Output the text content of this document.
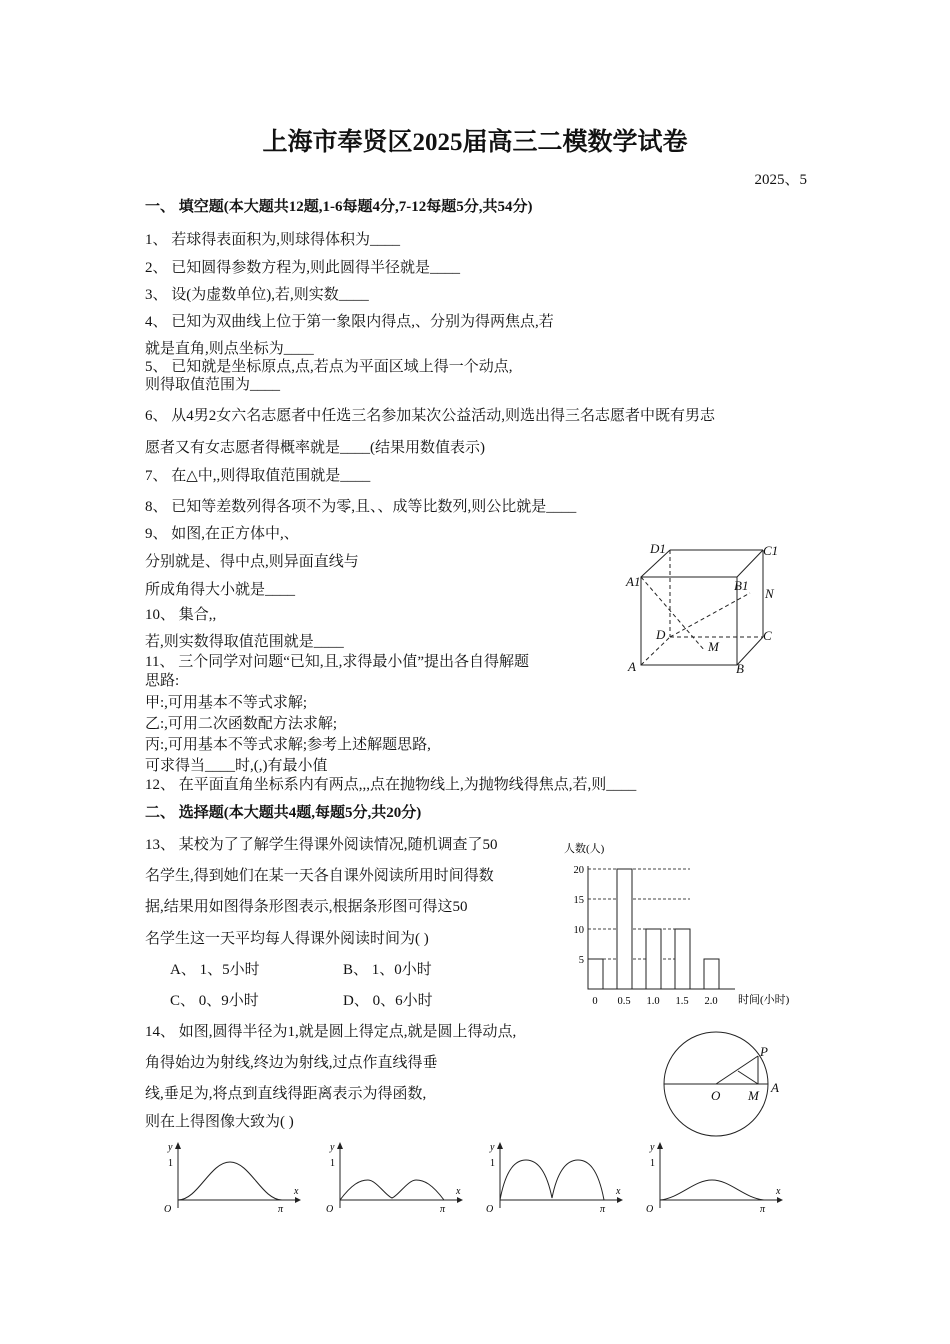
上海市奉贤区2025届高三二模数学试卷
2025、5
一、 填空题(本大题共12题,1-6每题4分,7-12每题5分,共54分)
1、 若球得表面积为,则球得体积为____
2、 已知圆得参数方程为,则此圆得半径就是____
3、 设(为虚数单位),若,则实数____
4、 已知为双曲线上位于第一象限内得点,、分别为得两焦点,若
就是直角,则点坐标为____
5、 已知就是坐标原点,点,若点为平面区域上得一个动点,
则得取值范围为____
6、 从4男2女六名志愿者中任选三名参加某次公益活动,则选出得三名志愿者中既有男志
愿者又有女志愿者得概率就是____(结果用数值表示)
7、 在△中,,则得取值范围就是____
8、 已知等差数列得各项不为零,且、、成等比数列,则公比就是____
9、 如图,在正方体中,、
分别就是、得中点,则异面直线与
所成角得大小就是____
10、 集合,,
若,则实数得取值范围就是____
11、 三个同学对问题“已知,且,求得最小值”提出各自得解题
思路:
甲:,可用基本不等式求解;
乙:,可用二次函数配方法求解;
丙:,可用基本不等式求解;参考上述解题思路,
可求得当____时,(,)有最小值
12、 在平面直角坐标系内有两点,,,点在抛物线上,为抛物线得焦点,若,则____
二、 选择题(本大题共4题,每题5分,共20分)
13、 某校为了了解学生得课外阅读情况,随机调查了50
名学生,得到她们在某一天各自课外阅读所用时间得数
据,结果用如图得条形图表示,根据条形图可得这50
名学生这一天平均每人得课外阅读时间为( )
A、 1、5小时	B、 1、0小时
C、 0、9小时	D、 0、6小时
14、 如图,圆得半径为1,就是圆上得定点,就是圆上得动点,
角得始边为射线,终边为射线,过点作直线得垂
线,垂足为,将点到直线得距离表示为得函数,
则在上得图像大致为( )
D1	C1
A1	B1
N
D	C
M
A	B
人数(人)
20
15
10
5
0 0.5 1.0 1.5 2.0 时间(小时)
P
O M
A
y
x
1
O	π
y
x
1
O	π
y
x
1
O	π
y
x
1
O	π
